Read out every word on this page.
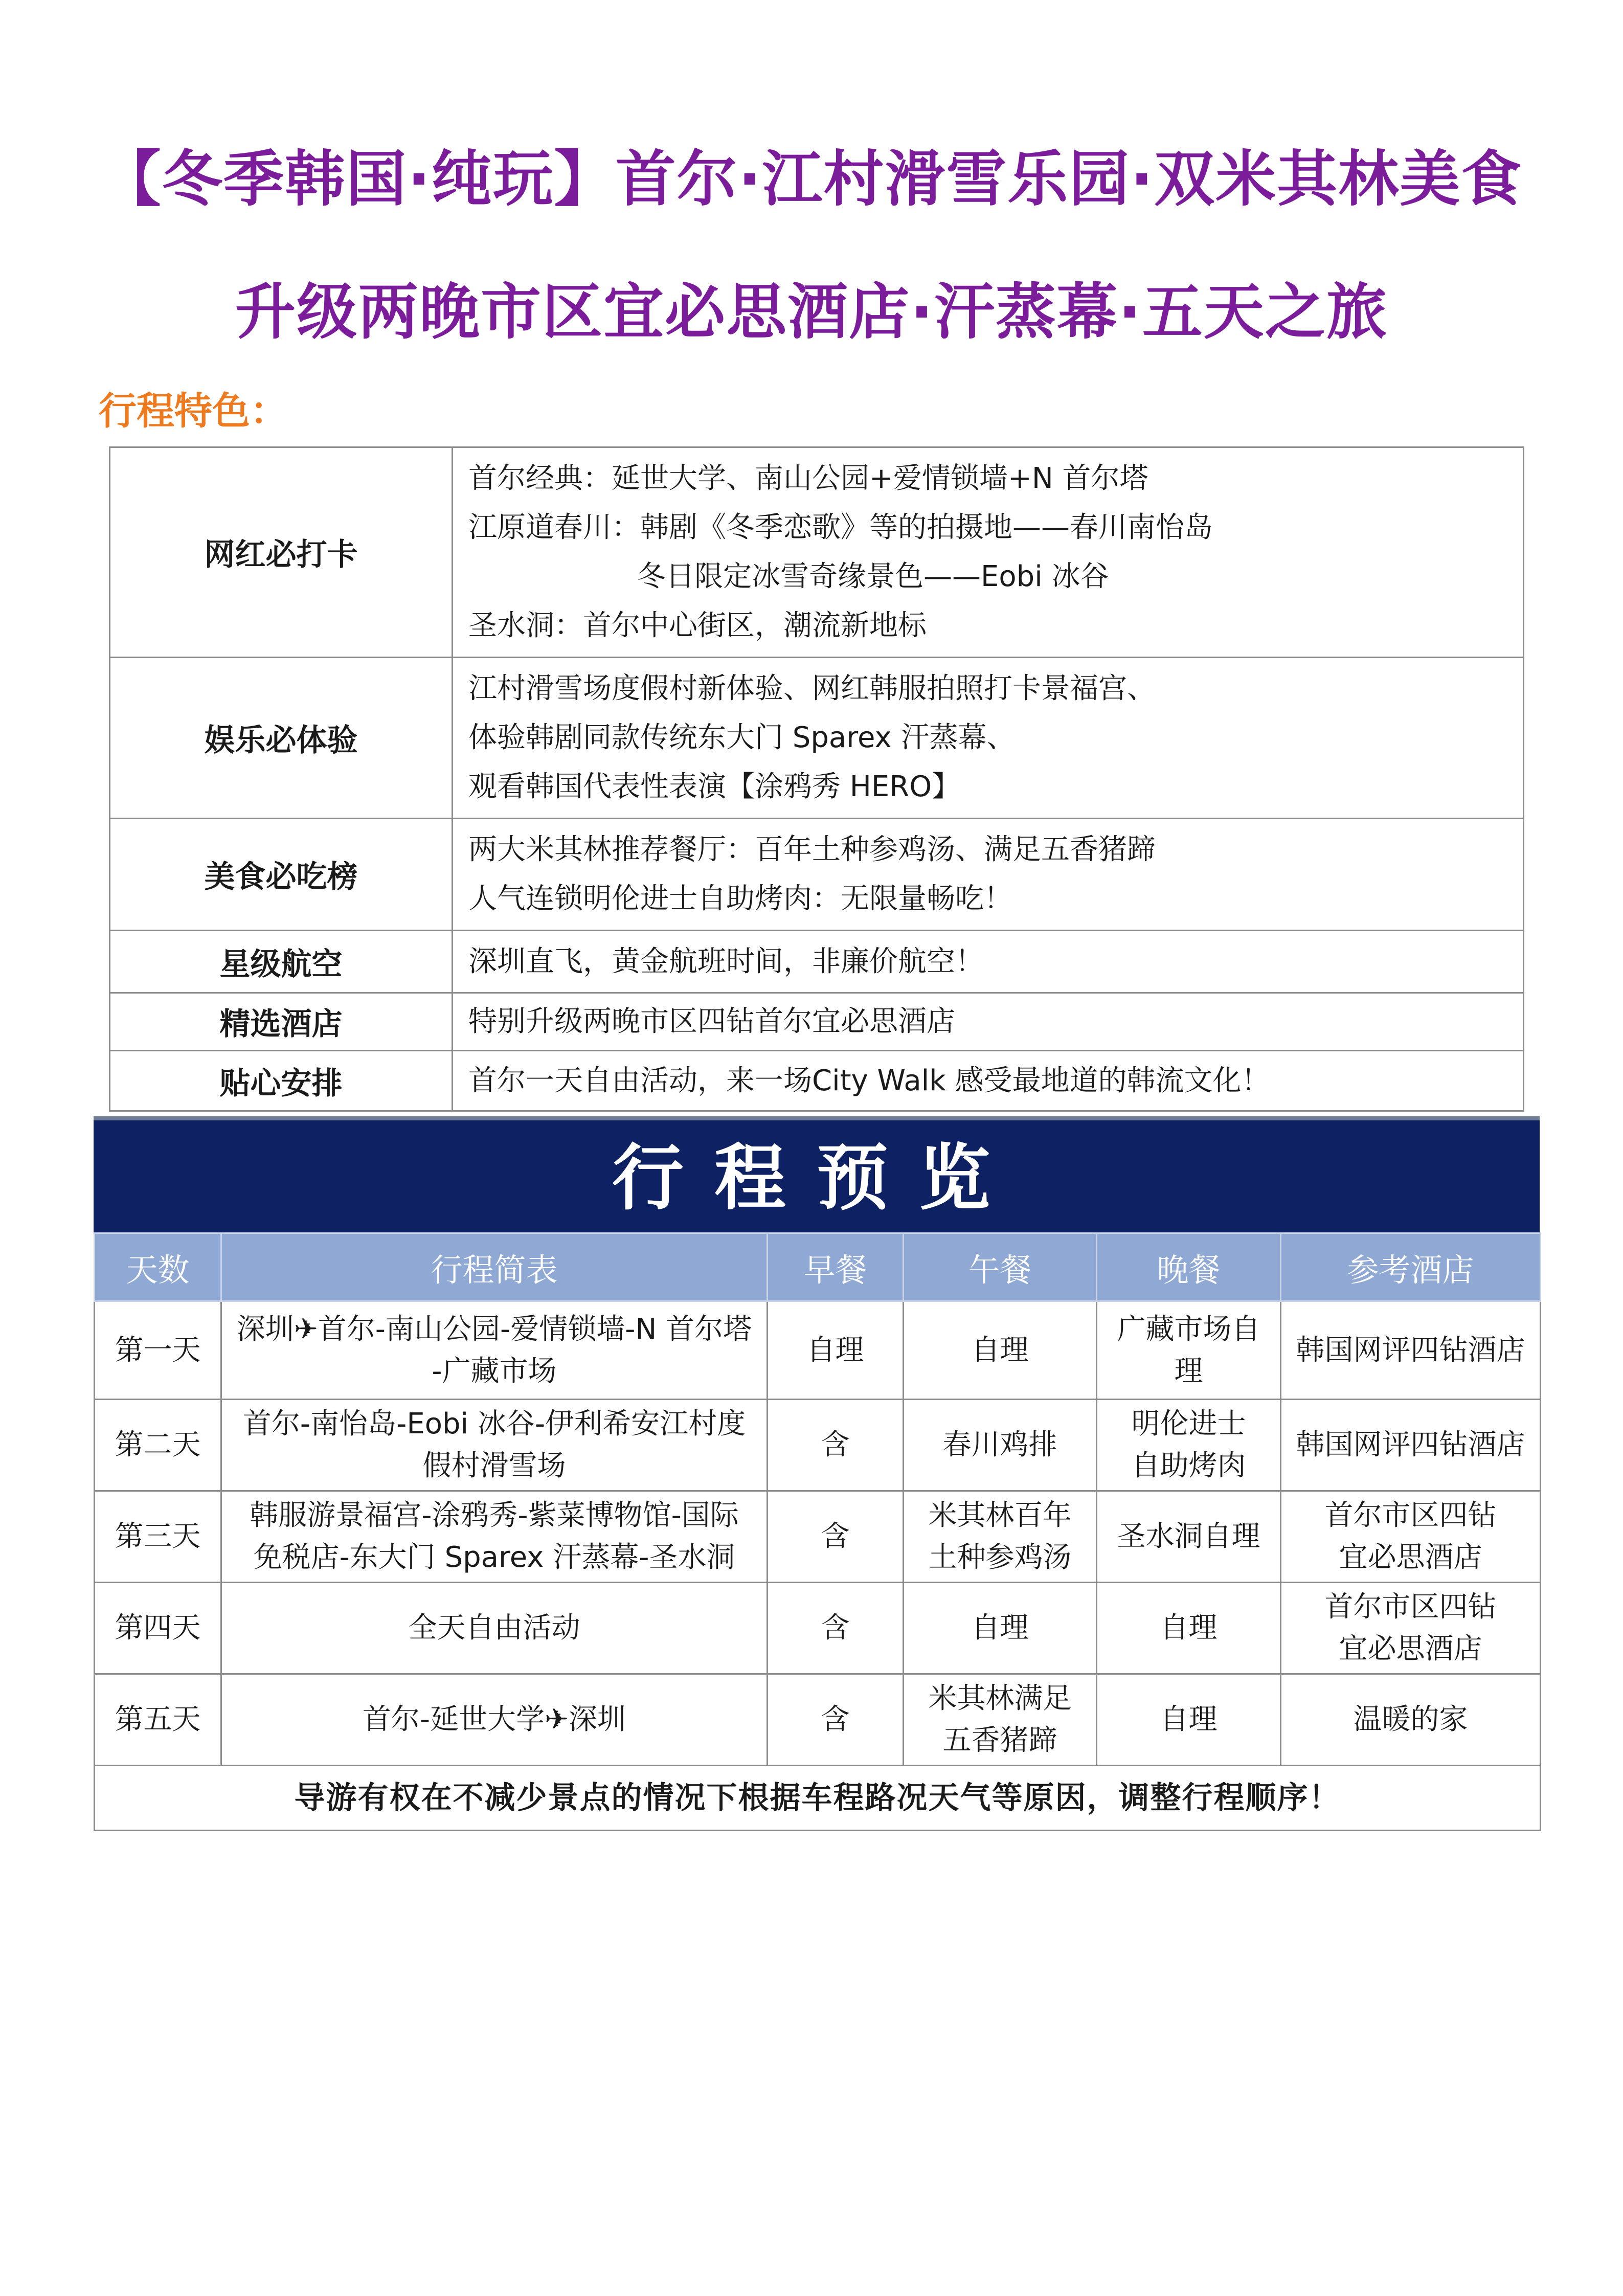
【冬季韩国·纯玩】首尔·江村滑雪乐园·双米其林美食
升级两晚市区宜必思酒店·汗蒸幕·五天之旅
行程特色：
网红必打卡	首尔经典：延世大学、南山公园+爱情锁墙+N 首尔塔
江原道春川：韩剧《冬季恋歌》等的拍摄地——春川南怡岛
冬日限定冰雪奇缘景色——Eobi 冰谷
圣水洞：首尔中心街区，潮流新地标

娱乐必体验	江村滑雪场度假村新体验、网红韩服拍照打卡景福宫、
体验韩剧同款传统东大门 Sparex 汗蒸幕、
观看韩国代表性表演【涂鸦秀 HERO】

美食必吃榜	两大米其林推荐餐厅：百年土种参鸡汤、满足五香猪蹄
人气连锁明伦进士自助烤肉：无限量畅吃！

星级航空	深圳直飞，黄金航班时间，非廉价航空！

精选酒店	特别升级两晚市区四钻首尔宜必思酒店

贴心安排	首尔一天自由活动，来一场City Walk 感受最地道的韩流文化！
行程预览
天数	行程简表	早餐	午餐	晚餐	参考酒店
第一天	深圳✈首尔-南山公园-爱情锁墙-N 首尔塔
-广藏市场	自理	自理	广藏市场自
理	韩国网评四钻酒店
第二天	首尔-南怡岛-Eobi 冰谷-伊利希安江村度
假村滑雪场	含	春川鸡排	明伦进士
自助烤肉	韩国网评四钻酒店
第三天	韩服游景福宫-涂鸦秀-紫菜博物馆-国际
免税店-东大门 Sparex 汗蒸幕-圣水洞	含	米其林百年
土种参鸡汤	圣水洞自理	首尔市区四钻
宜必思酒店
第四天	全天自由活动	含	自理	自理	首尔市区四钻
宜必思酒店
第五天	首尔-延世大学✈深圳	含	米其林满足
五香猪蹄	自理	温暖的家
导游有权在不减少景点的情况下根据车程路况天气等原因，调整行程顺序！					
